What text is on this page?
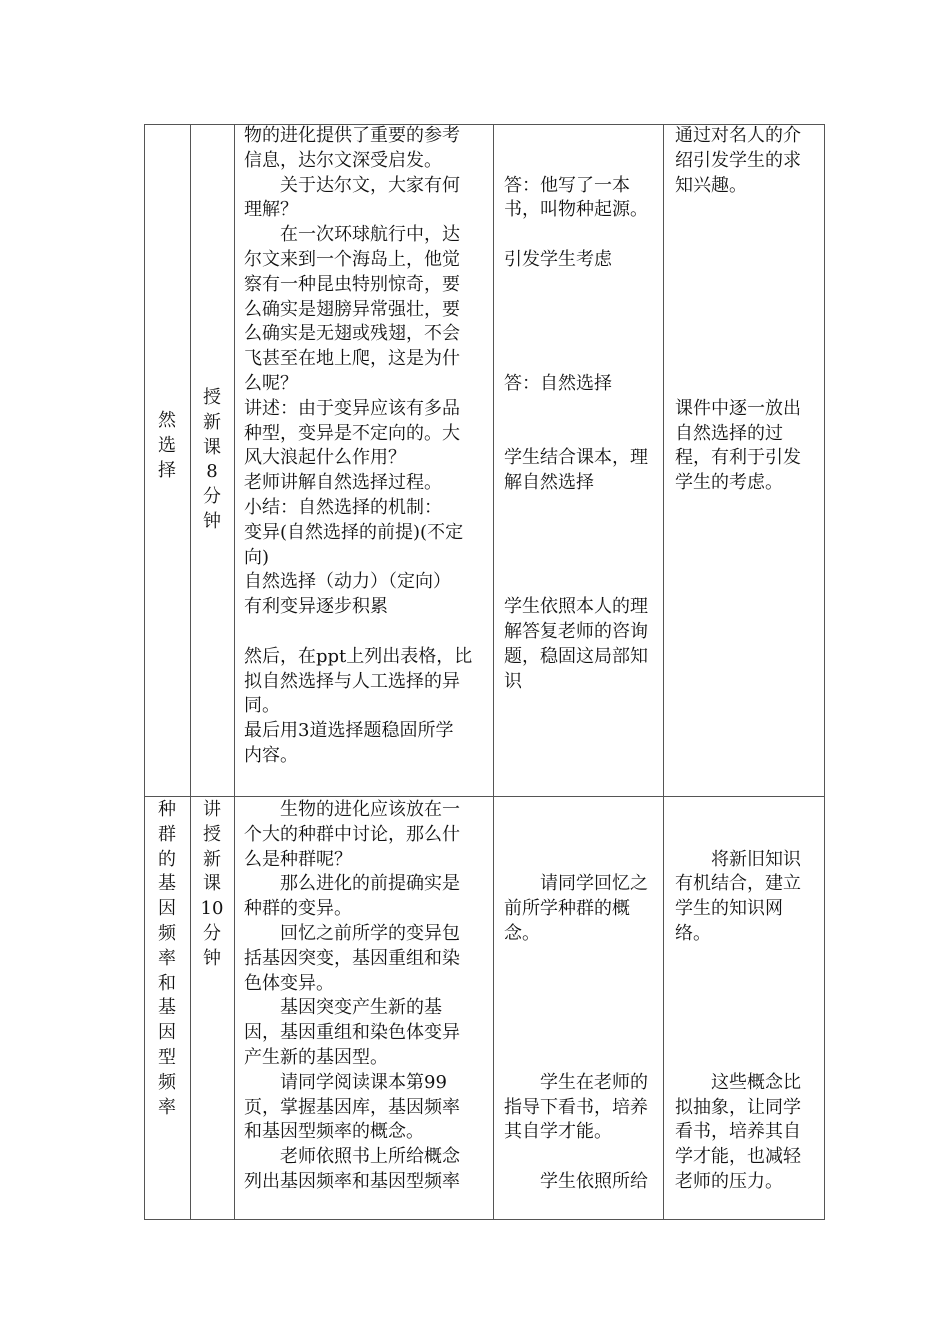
然
选
择
授
新
课
8
分
钟
物的进化提供了重要的参考
信息，达尔文深受启发。
关于达尔文，大家有何
理解？
在一次环球航行中，达
尔文来到一个海岛上，他觉
察有一种昆虫特别惊奇，要
么确实是翅膀异常强壮，要
么确实是无翅或残翅，不会
飞甚至在地上爬，这是为什
么呢？
讲述：由于变异应该有多品
种型，变异是不定向的。大
风大浪起什么作用？
老师讲解自然选择过程。
小结：自然选择的机制：
变异(自然选择的前提)(不定
向)
自然选择（动力）（定向）
有利变异逐步积累

然后，在ppt上列出表格，比
拟自然选择与人工选择的异
同。
最后用3道选择题稳固所学
内容。
答：他写了一本
书，叫物种起源。
引发学生考虑
答：自然选择
学生结合课本，理
解自然选择
学生依照本人的理
解答复老师的咨询
题，稳固这局部知
识
通过对名人的介
绍引发学生的求
知兴趣。
课件中逐一放出
自然选择的过
程，有利于引发
学生的考虑。
种
群
的
基
因
频
率
和
基
因
型
频
率
讲
授
新
课
10
分
钟
生物的进化应该放在一
个大的种群中讨论，那么什
么是种群呢？
那么进化的前提确实是
种群的变异。
回忆之前所学的变异包
括基因突变，基因重组和染
色体变异。
基因突变产生新的基
因，基因重组和染色体变异
产生新的基因型。
请同学阅读课本第99
页，掌握基因库，基因频率
和基因型频率的概念。
老师依照书上所给概念
列出基因频率和基因型频率
请同学回忆之
前所学种群的概
念。
学生在老师的
指导下看书，培养
其自学才能。
学生依照所给
将新旧知识
有机结合，建立
学生的知识网
络。
这些概念比
拟抽象，让同学
看书，培养其自
学才能，也减轻
老师的压力。
